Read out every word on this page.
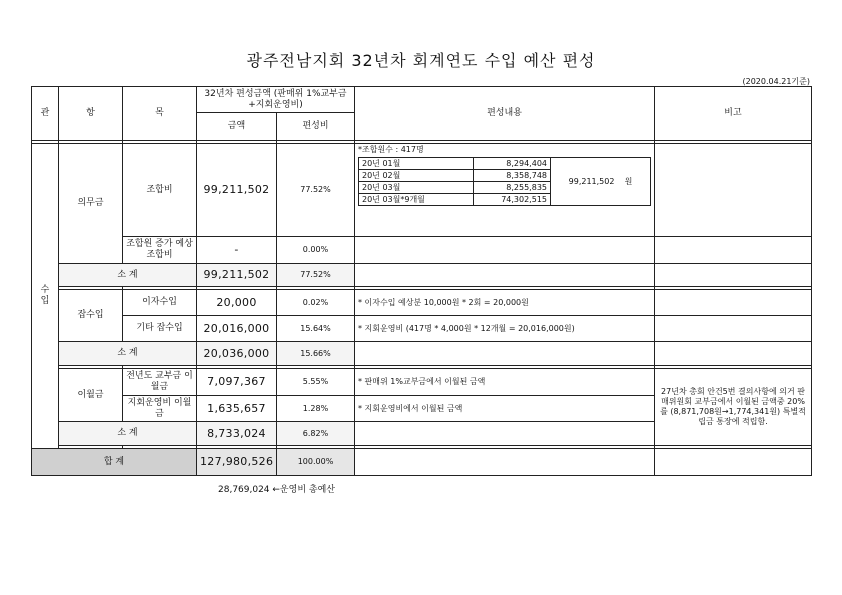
광주전남지회 32년차 회계연도 수입 예산 편성
(2020.04.21기준)
관	항	목	32년차 편성금액 (판매위 1%교부금+지회운영비)	편성내용	비고
금액	편성비

수 입	의무금	조합비	99,211,502	77.52%	
*조합원수 : 417명
20년 01월	8,294,404	99,211,502 원
20년 02월	8,358,748
20년 03월	8,255,835
20년 03월*9개월	74,302,515

조합원 증가 예상 조합비	-	0.00%		
소 계	99,211,502	77.52%		

잡수입	이자수입	20,000	0.02%	* 이자수입 예상분 10,000원 * 2회 = 20,000원	
기타 잡수입	20,016,000	15.64%	* 지회운영비 (417명 * 4,000원 * 12개월 = 20,016,000원)	
소 계	20,036,000	15.66%		

이월금	전년도 교부금 이월금	7,097,367	5.55%	* 판매위 1%교부금에서 이월된 금액	27년차 총회 안건5번 결의사항에 의거 판매위원회 교부금에서 이월된 금액중 20%를 (8,871,708원→1,774,341원) 특별적립금 통장에 적립함.
지회운영비 이월금	1,635,657	1.28%	* 지회운영비에서 이월된 금액
소 계	8,733,024	6.82%	

합 계	127,980,526	100.00%		
28,769,024 ←운영비 총예산
